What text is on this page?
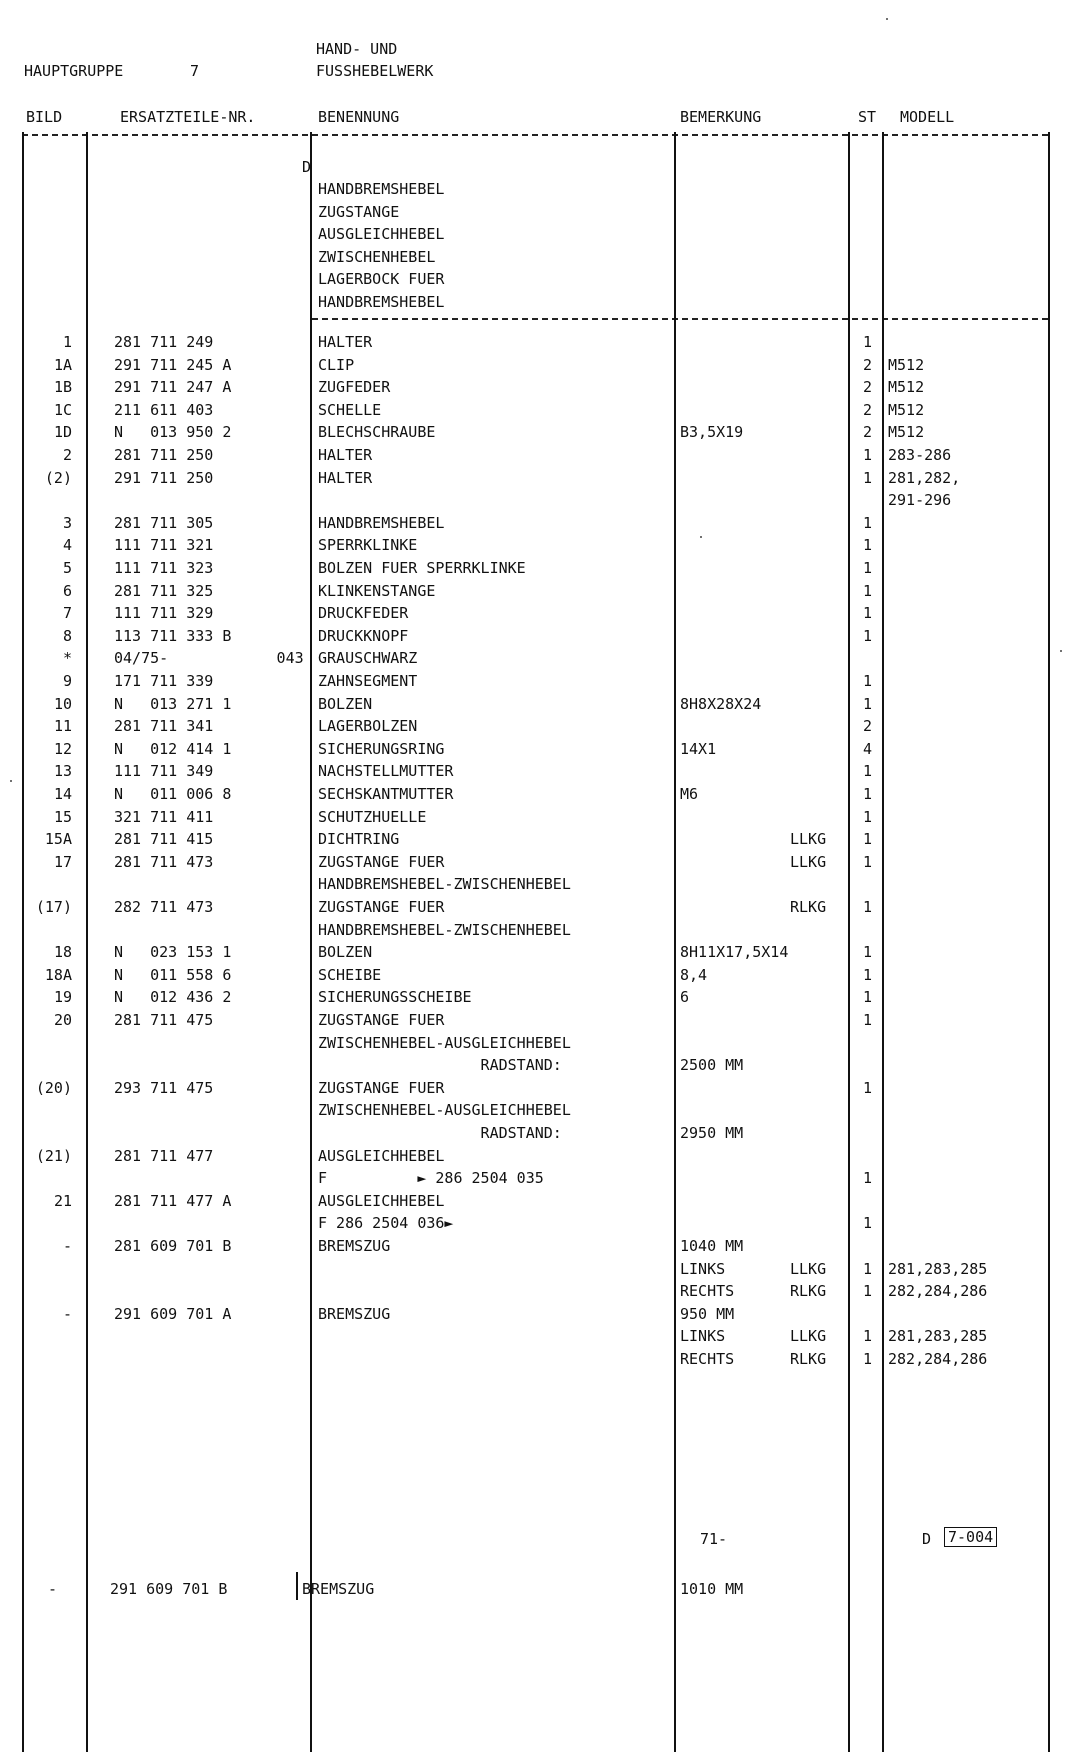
HAUPTGRUPPE	7
HAND- UND
FUSSHEBELWERK
BILD	ERSATZTEILE-NR.	BENENNUNG	BEMERKUNG	ST MODELL
D
HANDBREMSHEBEL
ZUGSTANGE
AUSGLEICHHEBEL
ZWISCHENHEBEL
LAGERBOCK FUER
HANDBREMSHEBEL
1	281 711 249	HALTER	1
1A	291 711 245 A	CLIP	2 M512
1B	291 711 247 A	ZUGFEDER	2 M512
1C	211 611 403	SCHELLE	2 M512
1D	N   013 950 2	BLECHSCHRAUBE	B3,5X19	2 M512
2	281 711 250	HALTER	1 283-286
(2)	291 711 250	HALTER	1 281,282,
291-296
3	281 711 305	HANDBREMSHEBEL	1
4	111 711 321	SPERRKLINKE	1
5	111 711 323	BOLZEN FUER SPERRKLINKE	1
6	281 711 325	KLINKENSTANGE	1
7	111 711 329	DRUCKFEDER	1
8	113 711 333 B	DRUCKKNOPF	1
*	04/75-            043 GRAUSCHWARZ
9	171 711 339	ZAHNSEGMENT	1
10	N   013 271 1	BOLZEN	8H8X28X24	1
11	281 711 341	LAGERBOLZEN	2
12	N   012 414 1	SICHERUNGSRING	14X1	4
13	111 711 349	NACHSTELLMUTTER	1
14	N   011 006 8	SECHSKANTMUTTER	M6	1
15	321 711 411	SCHUTZHUELLE	1
15A	281 711 415	DICHTRING	LLKG	1
17	281 711 473	ZUGSTANGE FUER	LLKG	1
HANDBREMSHEBEL-ZWISCHENHEBEL
(17)	282 711 473	ZUGSTANGE FUER	RLKG	1
HANDBREMSHEBEL-ZWISCHENHEBEL
18	N   023 153 1	BOLZEN	8H11X17,5X14	1
18A	N   011 558 6	SCHEIBE	8,4	1
19	N   012 436 2	SICHERUNGSSCHEIBE	6	1
20	281 711 475	ZUGSTANGE FUER	1
ZWISCHENHEBEL-AUSGLEICHHEBEL
RADSTAND:	2500 MM
(20)	293 711 475	ZUGSTANGE FUER	1
ZWISCHENHEBEL-AUSGLEICHHEBEL
RADSTAND:	2950 MM
(21)	281 711 477	AUSGLEICHHEBEL
F          ► 286 2504 035	1
21	281 711 477 A	AUSGLEICHHEBEL
F 286 2504 036►	1
-	281 609 701 B	BREMSZUG	1040 MM
LINKS	LLKG	1 281,283,285
RECHTS	RLKG	1 282,284,286
-	291 609 701 A	BREMSZUG	950 MM
LINKS	LLKG	1 281,283,285
RECHTS	RLKG	1 282,284,286
71-	D 7-004
-	291 609 701 B	BREMSZUG	1010 MM
